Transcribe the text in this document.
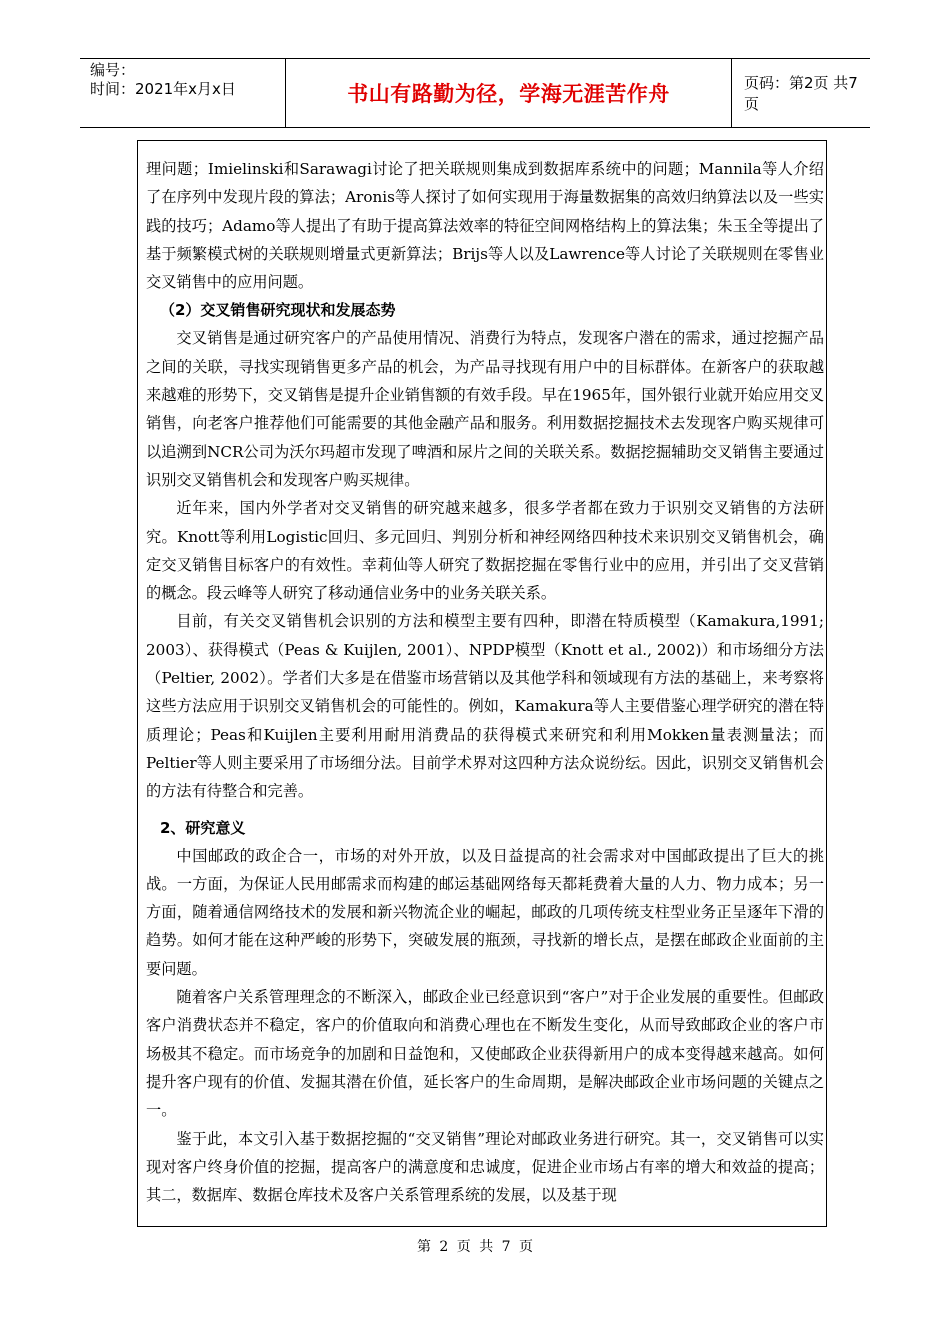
编号：
时间：2021年x月x日	书山有路勤为径，学海无涯苦作舟	页码：第2页 共7页

理问题；Imielinski和Sarawagi讨论了把关联规则集成到数据库系统中的问题；Mannila等人介绍了在序列中发现片段的算法；Aronis等人探讨了如何实现用于海量数据集的高效归纳算法以及一些实践的技巧；Adamo等人提出了有助于提高算法效率的特征空间网格结构上的算法集；朱玉全等提出了基于频繁模式树的关联规则增量式更新算法；Brijs等人以及Lawrence等人讨论了关联规则在零售业交叉销售中的应用问题。

（2）交叉销售研究现状和发展态势

交叉销售是通过研究客户的产品使用情况、消费行为特点，发现客户潜在的需求，通过挖掘产品之间的关联，寻找实现销售更多产品的机会，为产品寻找现有用户中的目标群体。在新客户的获取越来越难的形势下，交叉销售是提升企业销售额的有效手段。早在1965年，国外银行业就开始应用交叉销售，向老客户推荐他们可能需要的其他金融产品和服务。利用数据挖掘技术去发现客户购买规律可以追溯到NCR公司为沃尔玛超市发现了啤酒和尿片之间的关联关系。数据挖掘辅助交叉销售主要通过识别交叉销售机会和发现客户购买规律。

近年来，国内外学者对交叉销售的研究越来越多，很多学者都在致力于识别交叉销售的方法研究。Knott等利用Logistic回归、多元回归、判别分析和神经网络四种技术来识别交叉销售机会，确定交叉销售目标客户的有效性。幸莉仙等人研究了数据挖掘在零售行业中的应用，并引出了交叉营销的概念。段云峰等人研究了移动通信业务中的业务关联关系。

目前，有关交叉销售机会识别的方法和模型主要有四种，即潜在特质模型（Kamakura,1991; 2003）、获得模式（Peas & Kuijlen, 2001）、NPDP模型（Knott et al., 2002)）和市场细分方法（Peltier, 2002）。学者们大多是在借鉴市场营销以及其他学科和领域现有方法的基础上，来考察将这些方法应用于识别交叉销售机会的可能性的。例如，Kamakura等人主要借鉴心理学研究的潜在特质理论；Peas和Kuijlen主要利用耐用消费品的获得模式来研究和利用Mokken量表测量法；而Peltier等人则主要采用了市场细分法。目前学术界对这四种方法众说纷纭。因此，识别交叉销售机会的方法有待整合和完善。

2、研究意义

中国邮政的政企合一，市场的对外开放，以及日益提高的社会需求对中国邮政提出了巨大的挑战。一方面，为保证人民用邮需求而构建的邮运基础网络每天都耗费着大量的人力、物力成本；另一方面，随着通信网络技术的发展和新兴物流企业的崛起，邮政的几项传统支柱型业务正呈逐年下滑的趋势。如何才能在这种严峻的形势下，突破发展的瓶颈，寻找新的增长点，是摆在邮政企业面前的主要问题。

随着客户关系管理理念的不断深入，邮政企业已经意识到“客户”对于企业发展的重要性。但邮政客户消费状态并不稳定，客户的价值取向和消费心理也在不断发生变化，从而导致邮政企业的客户市场极其不稳定。而市场竞争的加剧和日益饱和，又使邮政企业获得新用户的成本变得越来越高。如何提升客户现有的价值、发掘其潜在价值，延长客户的生命周期，是解决邮政企业市场问题的关键点之一。

鉴于此，本文引入基于数据挖掘的“交叉销售”理论对邮政业务进行研究。其一，交叉销售可以实现对客户终身价值的挖掘，提高客户的满意度和忠诚度，促进企业市场占有率的增大和效益的提高；其二，数据库、数据仓库技术及客户关系管理系统的发展，以及基于现

第 2 页 共 7 页
